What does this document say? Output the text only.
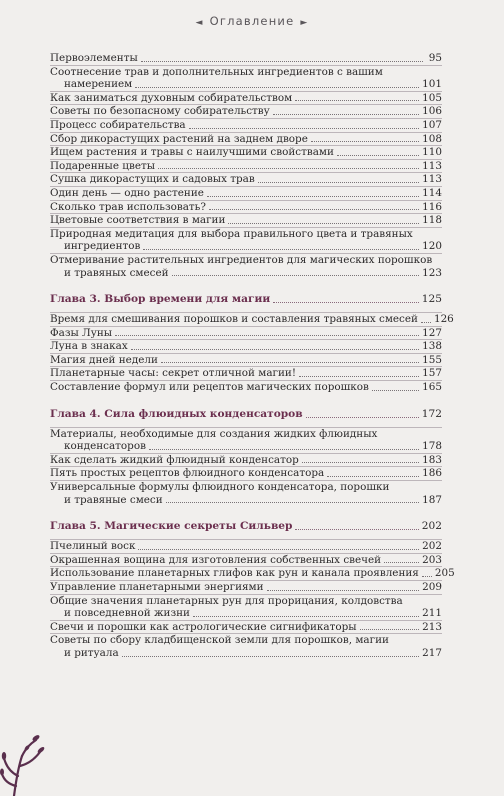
◄ Оглавление ►
Первоэлементы	95
Соотнесение трав и дополнительных ингредиентов с вашим
намерением	101
Как заниматься духовным собирательством	105
Советы по безопасному собирательству	106
Процесс собирательства	107
Сбор дикорастущих растений на заднем дворе	108
Ищем растения и травы с наилучшими свойствами	110
Подаренные цветы	113
Сушка дикорастущих и садовых трав	113
Один день — одно растение	114
Сколько трав использовать?	116
Цветовые соответствия в магии	118
Природная медитация для выбора правильного цвета и травяных
ингредиентов	120
Отмеривание растительных ингредиентов для магических порошков
и травяных смесей	123
Глава 3. Выбор времени для магии	125
Время для смешивания порошков и составления травяных смесей 126
Фазы Луны	127
Луна в знаках	138
Магия дней недели	155
Планетарные часы: секрет отличной магии!	157
Составление формул или рецептов магических порошков	165
Глава 4. Сила флюидных конденсаторов	172
Материалы, необходимые для создания жидких флюидных
конденсаторов	178
Как сделать жидкий флюидный конденсатор	183
Пять простых рецептов флюидного конденсатора	186
Универсальные формулы флюидного конденсатора, порошки
и травяные смеси	187
Глава 5. Магические секреты Сильвер	202
Пчелиный воск	202
Окрашенная вощина для изготовления собственных свечей	203
Использование планетарных глифов как рун и канала проявления 205
Управление планетарными энергиями	209
Общие значения планетарных рун для прорицания, колдовства
и повседневной жизни	211
Свечи и порошки как астрологические сигнификаторы	213
Советы по сбору кладбищенской земли для порошков, магии
и ритуала	217
